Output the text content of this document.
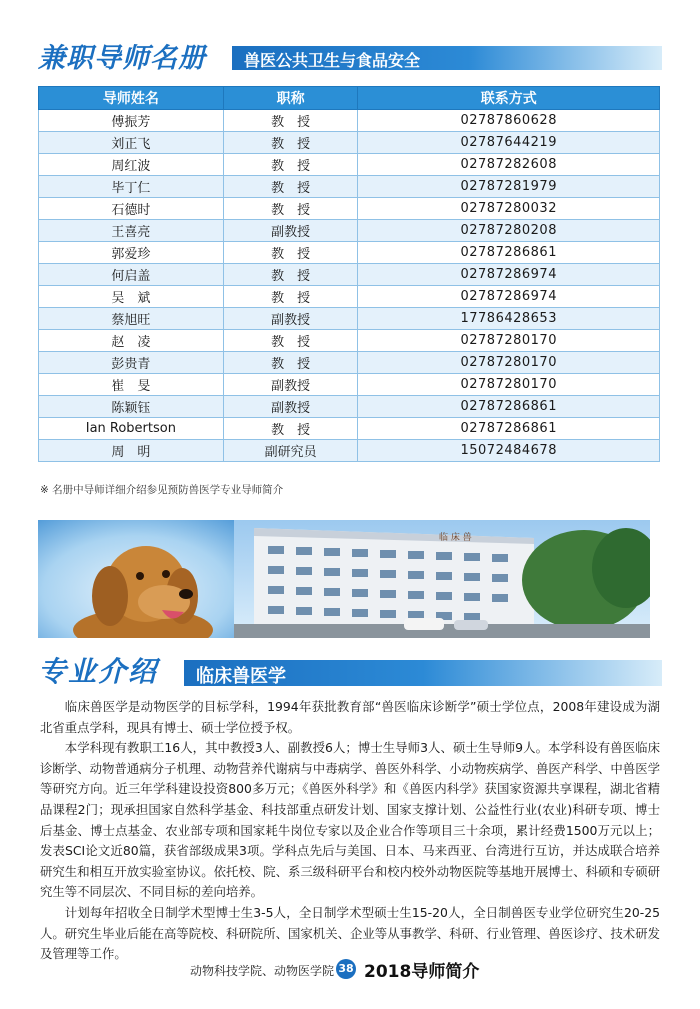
兼职导师名册 兽医公共卫生与食品安全
导师姓名	职称	联系方式
傅振芳	教　授	02787860628
刘正飞	教　授	02787644219
周红波	教　授	02787282608
毕丁仁	教　授	02787281979
石德时	教　授	02787280032
王喜亮	副教授	02787280208
郭爱珍	教　授	02787286861
何启盖	教　授	02787286974
吴　斌	教　授	02787286974
蔡旭旺	副教授	17786428653
赵　凌	教　授	02787280170
彭贵青	教　授	02787280170
崔　旻	副教授	02787280170
陈颖钰	副教授	02787286861
Ian Robertson	教　授	02787286861
周　明	副研究员	15072484678
※ 名册中导师详细介绍参见预防兽医学专业导师简介
临 床 兽
专业介绍 临床兽医学

临床兽医学是动物医学的目标学科，1994年获批教育部“兽医临床诊断学”硕士学位点，2008年建设成为湖北省重点学科，现具有博士、硕士学位授予权。

本学科现有教职工16人，其中教授3人、副教授6人；博士生导师3人、硕士生导师9人。本学科设有兽医临床诊断学、动物普通病分子机理、动物营养代谢病与中毒病学、兽医外科学、小动物疾病学、兽医产科学、中兽医学等研究方向。近三年学科建设投资800多万元；《兽医外科学》和《兽医内科学》获国家资源共享课程，湖北省精品课程2门；现承担国家自然科学基金、科技部重点研发计划、国家支撑计划、公益性行业(农业)科研专项、博士后基金、博士点基金、农业部专项和国家耗牛岗位专家以及企业合作等项目三十余项，累计经费1500万元以上；发表SCI论文近80篇，获省部级成果3项。学科点先后与美国、日本、马来西亚、台湾进行互访，并达成联合培养研究生和相互开放实验室协议。依托校、院、系三级科研平台和校内校外动物医院等基地开展博士、科硕和专硕研究生等不同层次、不同目标的差向培养。

计划每年招收全日制学术型博士生3-5人，全日制学术型硕士生15-20人，全日制兽医专业学位研究生20-25人。研究生毕业后能在高等院校、科研院所、国家机关、企业等从事教学、科研、行业管理、兽医诊疗、技术研发及管理等工作。

动物科技学院、动物医学院 38 2018导师简介
